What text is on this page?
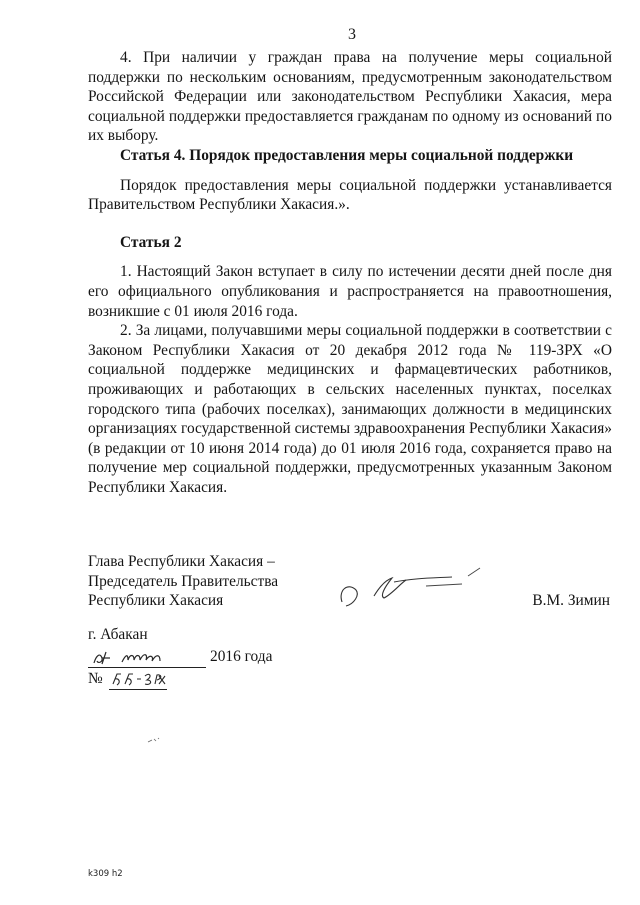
3

4. При наличии у граждан права на получение меры социальной поддержки по нескольким основаниям, предусмотренным законодательством Российской Федерации или законодательством Республики Хакасия, мера социальной поддержки предоставляется гражданам по одному из оснований по их выбору.

Статья 4. Порядок предоставления меры социальной поддержки

Порядок предоставления меры социальной поддержки устанавливается Правительством Республики Хакасия.».

Статья 2

1. Настоящий Закон вступает в силу по истечении десяти дней после дня его официального опубликования и распространяется на правоотношения, возникшие с 01 июля 2016 года.

2. За лицами, получавшими меры социальной поддержки в соответствии с Законом Республики Хакасия от 20 декабря 2012 года № 119-ЗРХ «О социальной поддержке медицинских и фармацевтических работников, проживающих и работающих в сельских населенных пунктах, поселках городского типа (рабочих поселках), занимающих должности в медицинских организациях государственной системы здравоохранения Республики Хакасия» (в редакции от 10 июня 2014 года) до 01 июля 2016 года, сохраняется право на получение мер социальной поддержки, предусмотренных указанным Законом Республики Хакасия.

Глава Республики Хакасия –
Председатель Правительства
Республики Хакасия	В.М. Зимин
г. Абакан
2016 года
№
k309 h2
